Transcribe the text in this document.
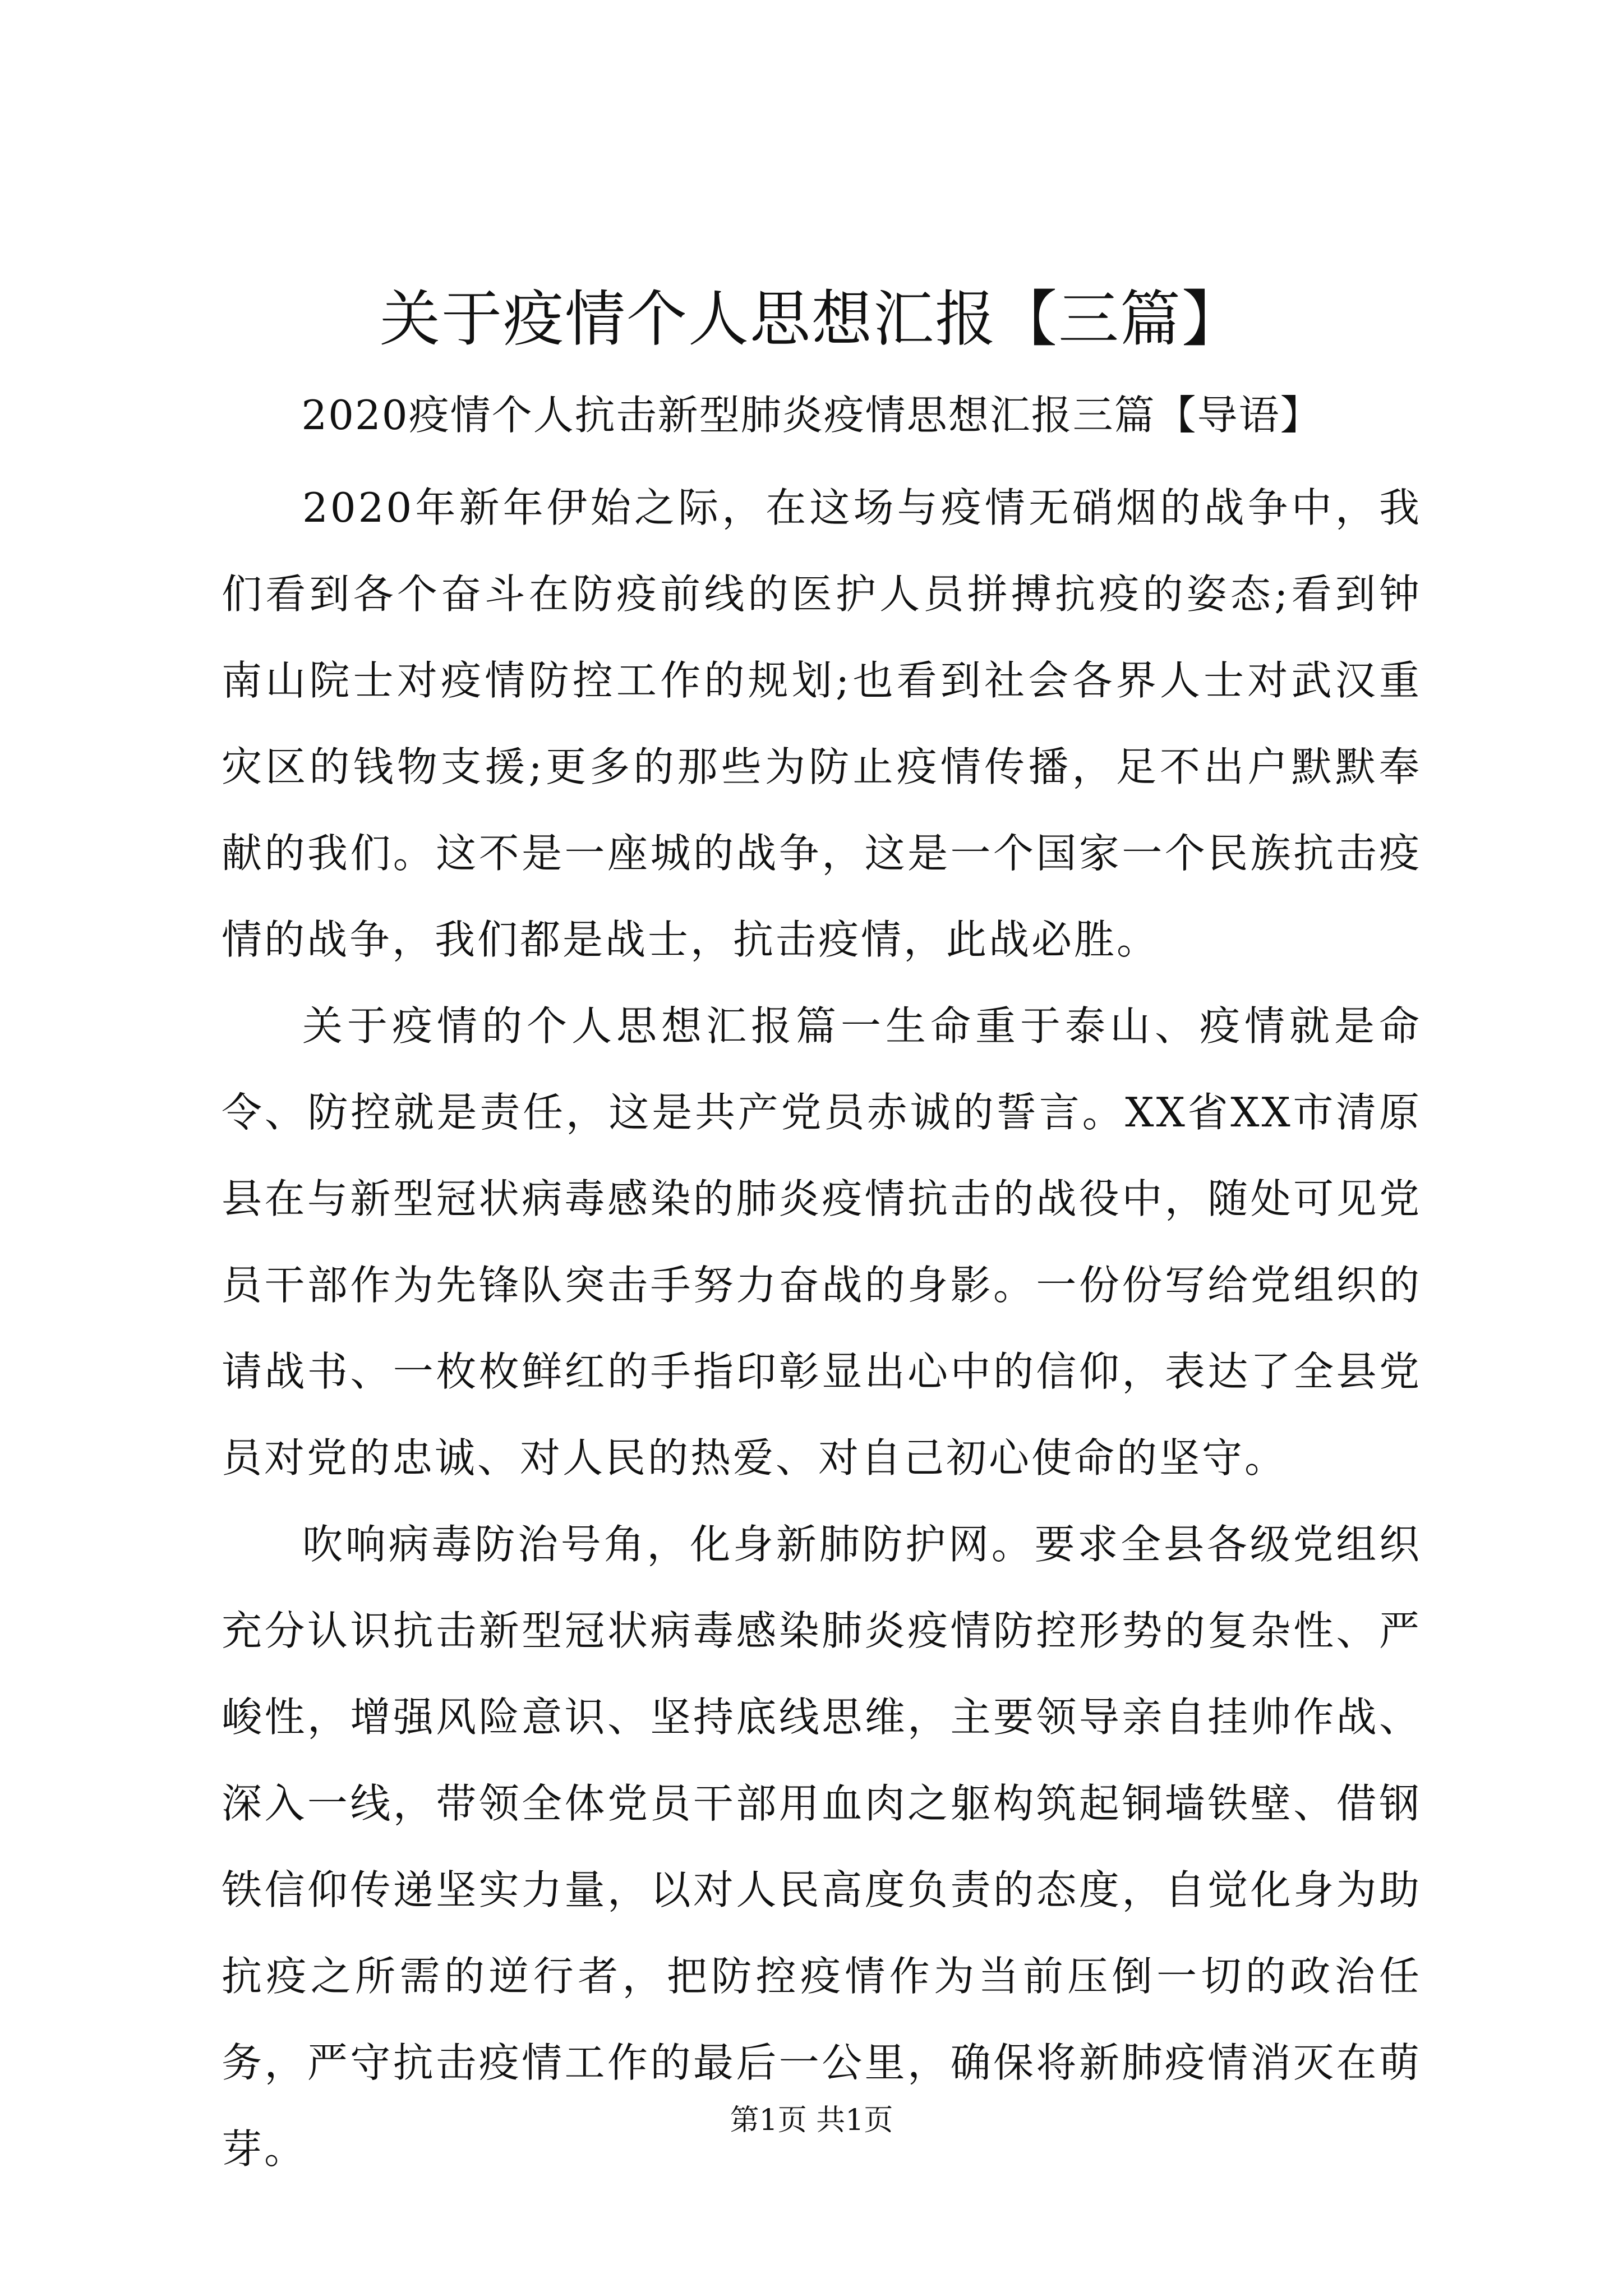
关于疫情个人思想汇报【三篇】

2020疫情个人抗击新型肺炎疫情思想汇报三篇【导语】

2020年新年伊始之际，在这场与疫情无硝烟的战争中，我们看到各个奋斗在防疫前线的医护人员拼搏抗疫的姿态;看到钟南山院士对疫情防控工作的规划;也看到社会各界人士对武汉重灾区的钱物支援;更多的那些为防止疫情传播，足不出户默默奉献的我们。这不是一座城的战争，这是一个国家一个民族抗击疫情的战争，我们都是战士，抗击疫情，此战必胜。

关于疫情的个人思想汇报篇一生命重于泰山、疫情就是命令、防控就是责任，这是共产党员赤诚的誓言。XX省XX市清原县在与新型冠状病毒感染的肺炎疫情抗击的战役中，随处可见党员干部作为先锋队突击手努力奋战的身影。一份份写给党组织的请战书、一枚枚鲜红的手指印彰显出心中的信仰，表达了全县党员对党的忠诚、对人民的热爱、对自己初心使命的坚守。

吹响病毒防治号角，化身新肺防护网。要求全县各级党组织充分认识抗击新型冠状病毒感染肺炎疫情防控形势的复杂性、严峻性，增强风险意识、坚持底线思维，主要领导亲自挂帅作战、深入一线，带领全体党员干部用血肉之躯构筑起铜墙铁壁、借钢铁信仰传递坚实力量，以对人民高度负责的态度，自觉化身为助抗疫之所需的逆行者，把防控疫情作为当前压倒一切的政治任务，严守抗击疫情工作的最后一公里，确保将新肺疫情消灭在萌芽。

第1页 共1页
